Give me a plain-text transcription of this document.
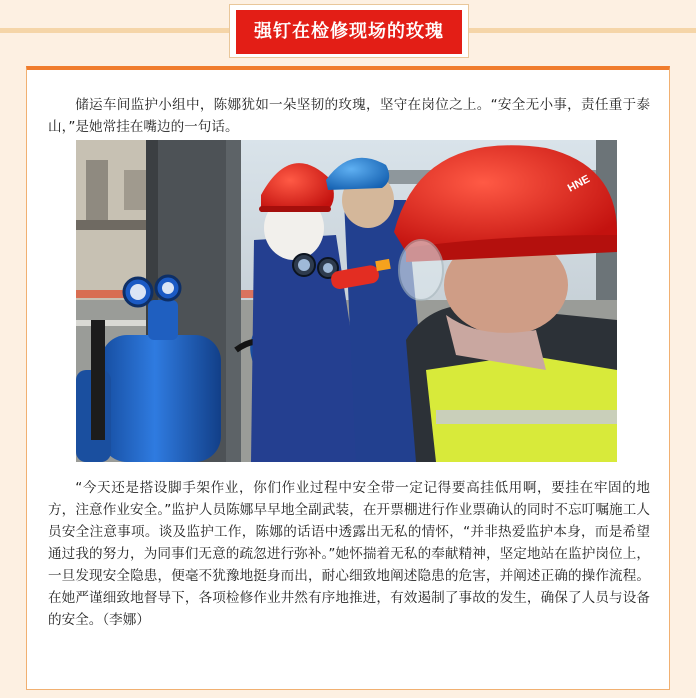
强钉在检修现场的玫瑰

储运车间监护小组中，陈娜犹如一朵坚韧的玫瑰，坚守在岗位之上。“安全无小事，责任重于泰山，”是她常挂在嘴边的一句话。

HNE

“今天还是搭设脚手架作业，你们作业过程中安全带一定记得要高挂低用啊，要挂在牢固的地方，注意作业安全。”监护人员陈娜早早地全副武装，在开票棚进行作业票确认的同时不忘叮嘱施工人员安全注意事项。谈及监护工作，陈娜的话语中透露出无私的情怀，“并非热爱监护本身，而是希望通过我的努力，为同事们无意的疏忽进行弥补。”她怀揣着无私的奉献精神，坚定地站在监护岗位上，一旦发现安全隐患，便毫不犹豫地挺身而出，耐心细致地阐述隐患的危害，并阐述正确的操作流程。在她严谨细致地督导下，各项检修作业井然有序地推进，有效遏制了事故的发生，确保了人员与设备的安全。（李娜）
